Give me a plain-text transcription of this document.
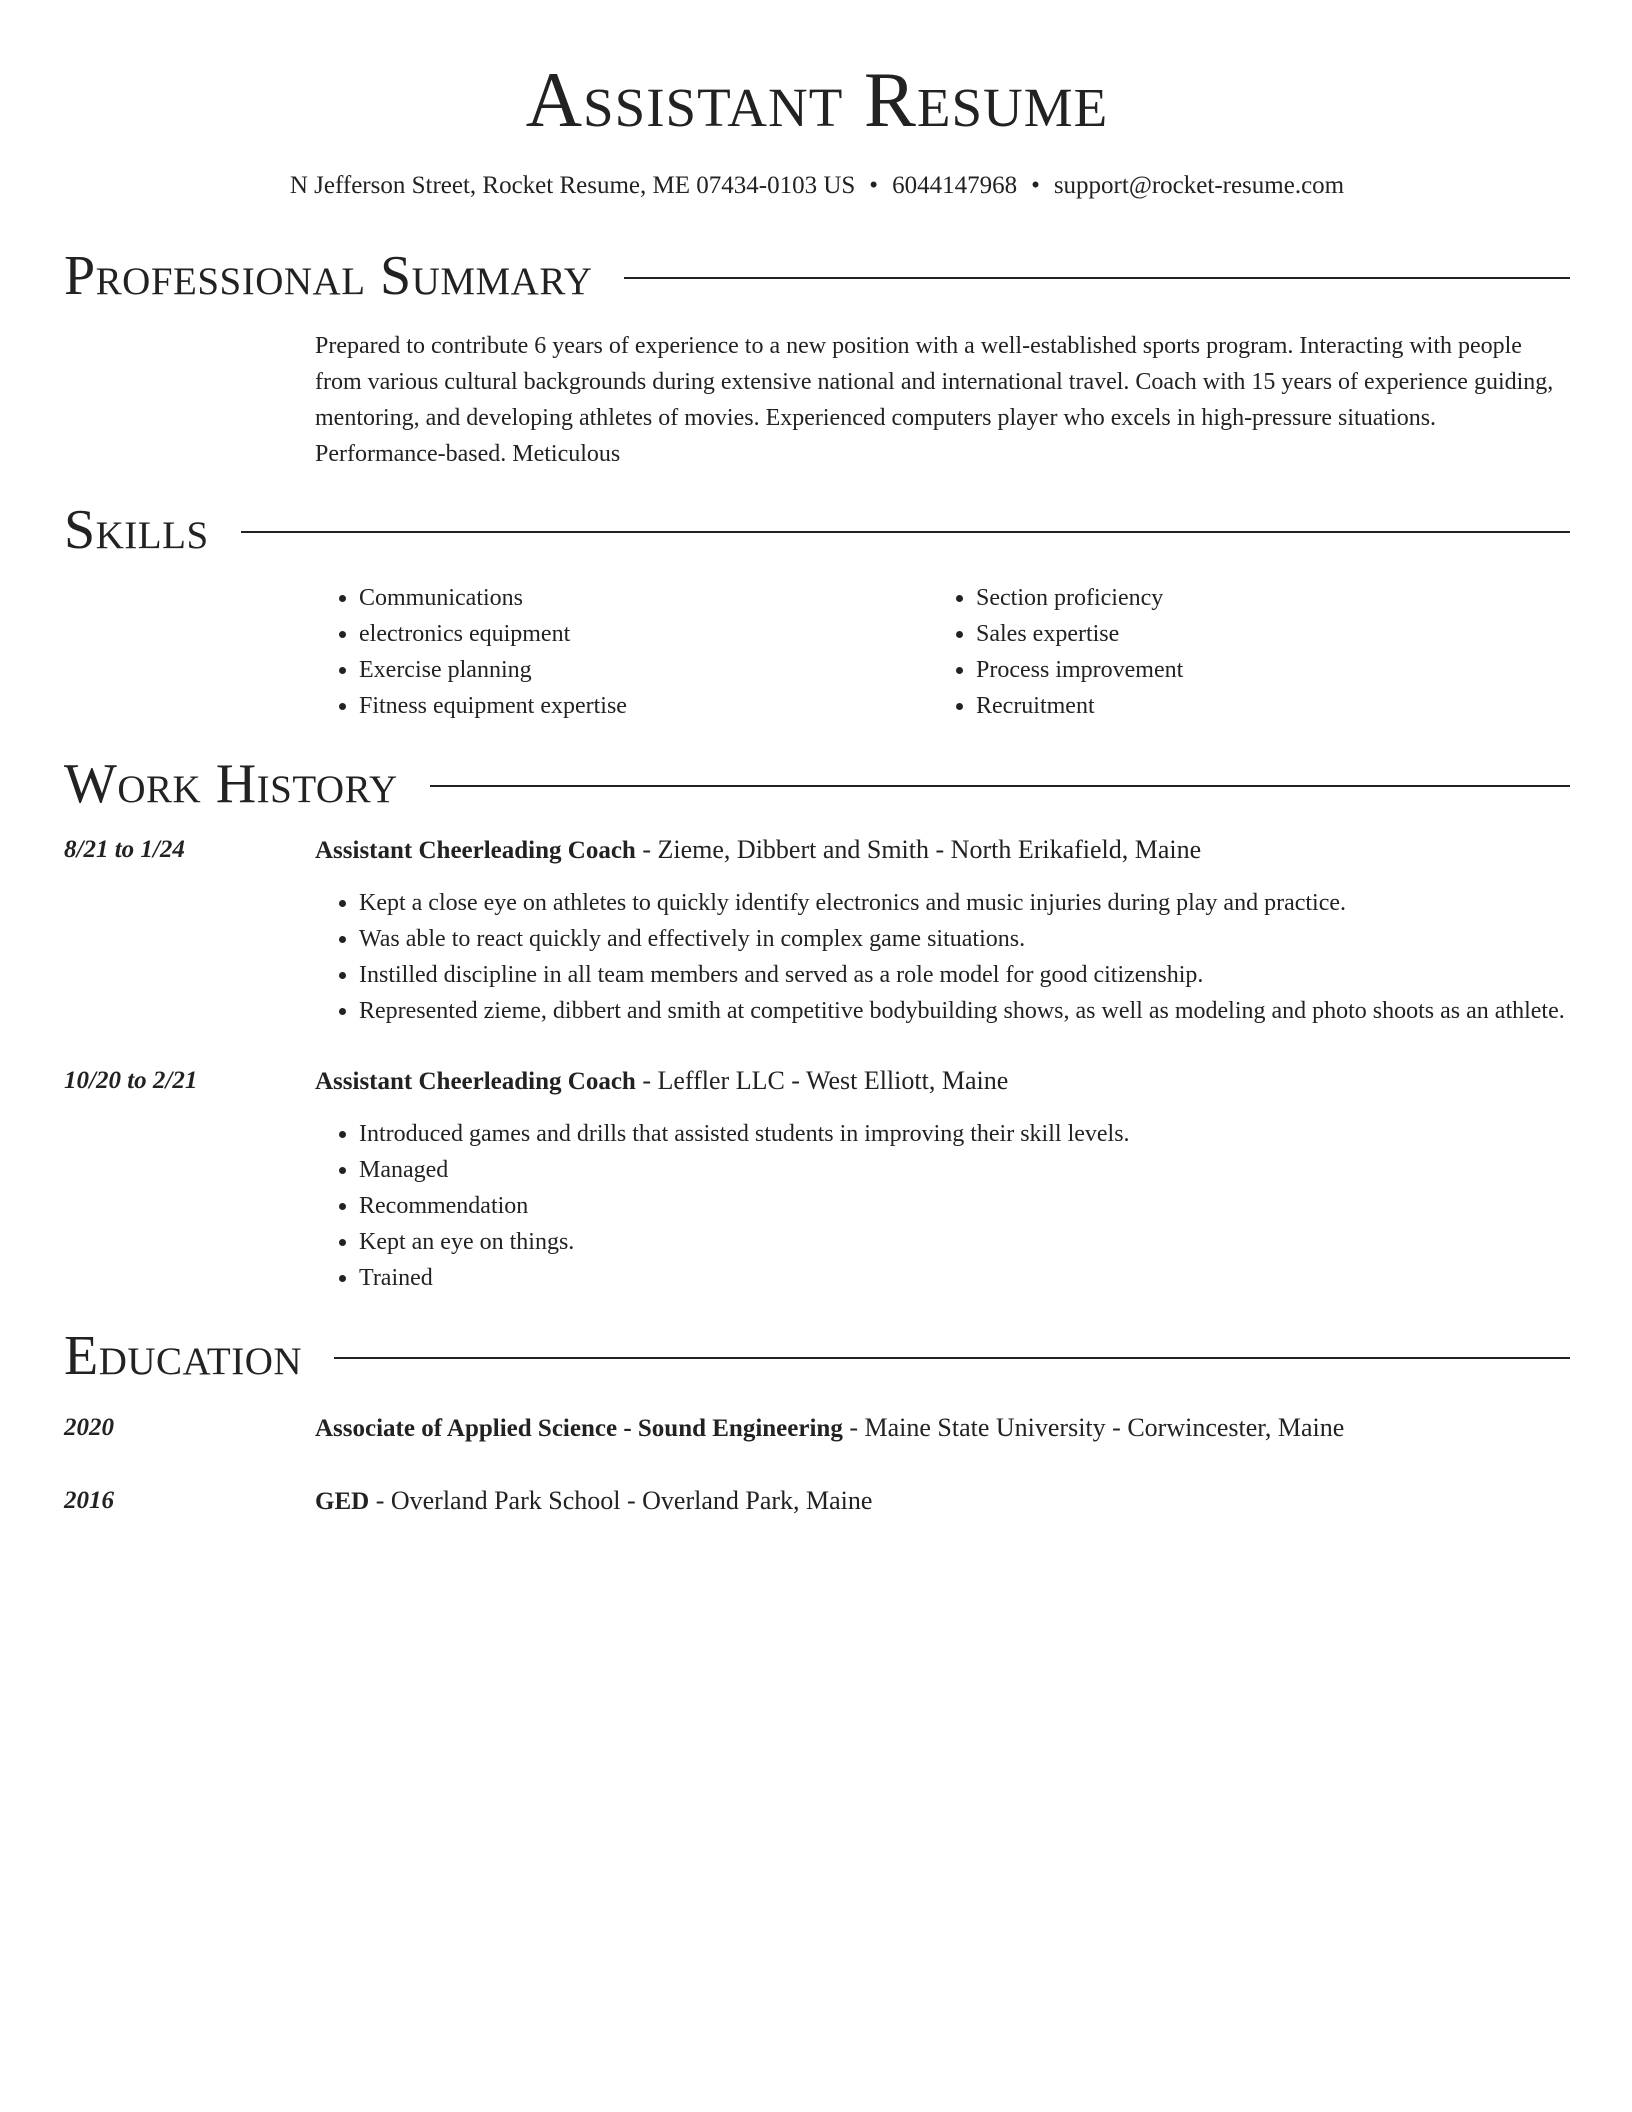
Assistant Resume
N Jefferson Street, Rocket Resume, ME 07434-0103 US • 6044147968 • support@rocket-resume.com
Professional Summary
Prepared to contribute 6 years of experience to a new position with a well-established sports program. Interacting with people from various cultural backgrounds during extensive national and international travel. Coach with 15 years of experience guiding, mentoring, and developing athletes of movies. Experienced computers player who excels in high-pressure situations. Performance-based. Meticulous
Skills
• Communications
• electronics equipment
• Exercise planning
• Fitness equipment expertise
• Section proficiency
• Sales expertise
• Process improvement
• Recruitment
Work History
8/21 to 1/24	Assistant Cheerleading Coach - Zieme, Dibbert and Smith - North Erikafield, Maine
• Kept a close eye on athletes to quickly identify electronics and music injuries during play and practice.
• Was able to react quickly and effectively in complex game situations.
• Instilled discipline in all team members and served as a role model for good citizenship.
• Represented zieme, dibbert and smith at competitive bodybuilding shows, as well as modeling and photo shoots as an athlete.
10/20 to 2/21	Assistant Cheerleading Coach - Leffler LLC - West Elliott, Maine
• Introduced games and drills that assisted students in improving their skill levels.
• Managed
• Recommendation
• Kept an eye on things.
• Trained
Education
2020	Associate of Applied Science - Sound Engineering - Maine State University - Corwincester, Maine
2016	GED - Overland Park School - Overland Park, Maine
